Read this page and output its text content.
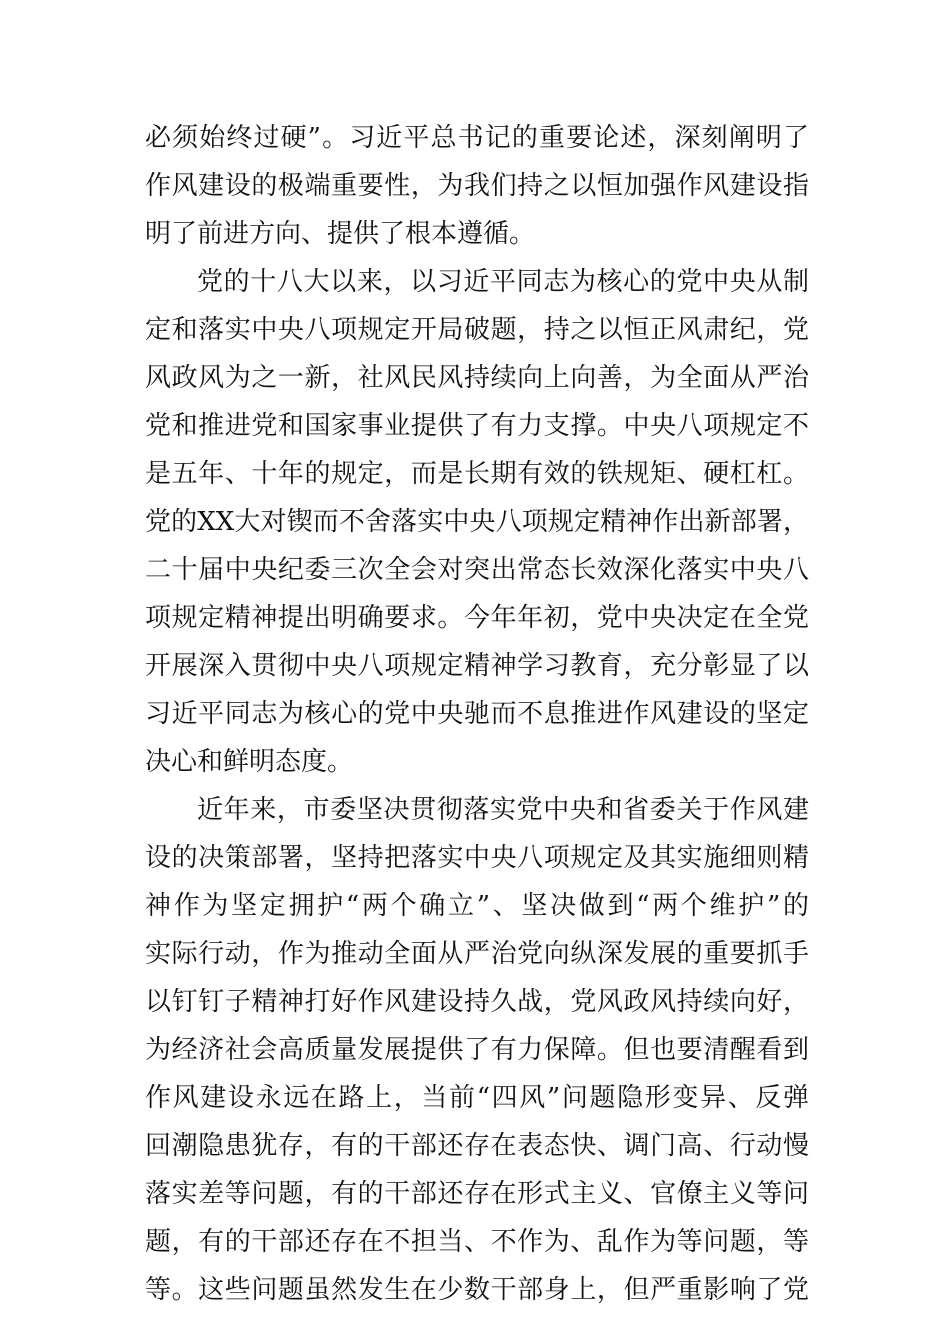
必须始终过硬”。习近平总书记的重要论述，深刻阐明了
作风建设的极端重要性，为我们持之以恒加强作风建设指
明了前进方向、提供了根本遵循。
党的十八大以来，以习近平同志为核心的党中央从制
定和落实中央八项规定开局破题，持之以恒正风肃纪，党
风政风为之一新，社风民风持续向上向善，为全面从严治
党和推进党和国家事业提供了有力支撑。中央八项规定不
是五年、十年的规定，而是长期有效的铁规矩、硬杠杠。
党的XX大对锲而不舍落实中央八项规定精神作出新部署，
二十届中央纪委三次全会对突出常态长效深化落实中央八
项规定精神提出明确要求。今年年初，党中央决定在全党
开展深入贯彻中央八项规定精神学习教育，充分彰显了以
习近平同志为核心的党中央驰而不息推进作风建设的坚定
决心和鲜明态度。
近年来，市委坚决贯彻落实党中央和省委关于作风建
设的决策部署，坚持把落实中央八项规定及其实施细则精
神作为坚定拥护“两个确立”、坚决做到“两个维护”的
实际行动，作为推动全面从严治党向纵深发展的重要抓手
以钉钉子精神打好作风建设持久战，党风政风持续向好，
为经济社会高质量发展提供了有力保障。但也要清醒看到
作风建设永远在路上，当前“四风”问题隐形变异、反弹
回潮隐患犹存，有的干部还存在表态快、调门高、行动慢
落实差等问题，有的干部还存在形式主义、官僚主义等问
题，有的干部还存在不担当、不作为、乱作为等问题，等
等。这些问题虽然发生在少数干部身上，但严重影响了党
